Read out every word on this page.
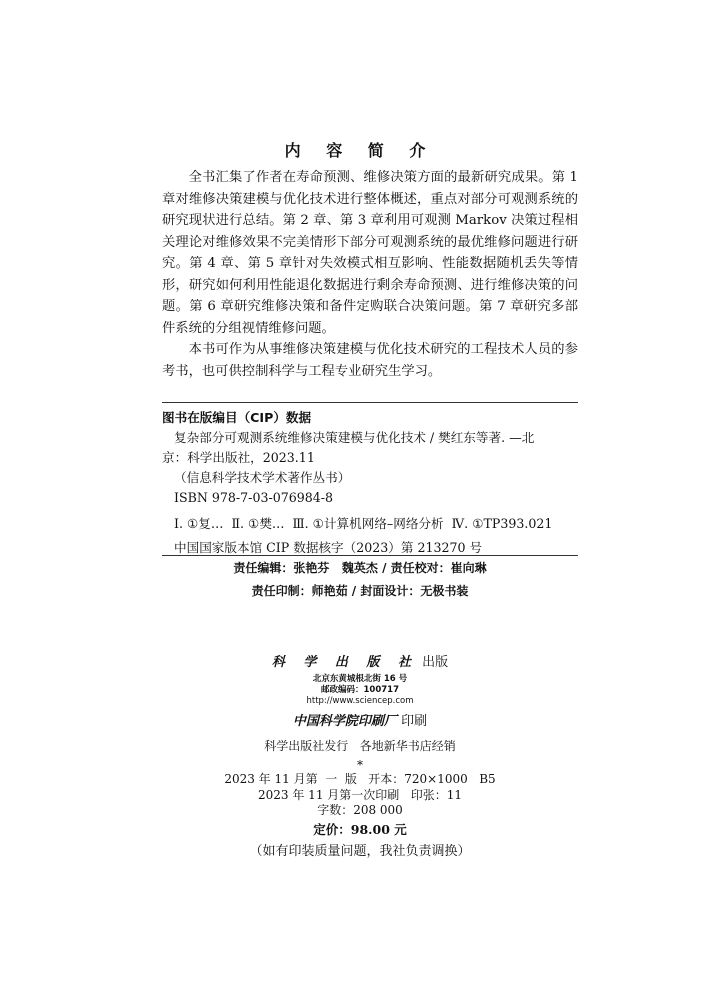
内 容 简 介

全书汇集了作者在寿命预测、维修决策方面的最新研究成果。第 1 章对维修决策建模与优化技术进行整体概述，重点对部分可观测系统的研究现状进行总结。第 2 章、第 3 章利用可观测 Markov 决策过程相关理论对维修效果不完美情形下部分可观测系统的最优维修问题进行研究。第 4 章、第 5 章针对失效模式相互影响、性能数据随机丢失等情形，研究如何利用性能退化数据进行剩余寿命预测、进行维修决策的问题。第 6 章研究维修决策和备件定购联合决策问题。第 7 章研究多部件系统的分组视情维修问题。

本书可作为从事维修决策建模与优化技术研究的工程技术人员的参考书，也可供控制科学与工程专业研究生学习。

图书在版编目（CIP）数据
复杂部分可观测系统维修决策建模与优化技术 / 樊红东等著. —北
京：科学出版社，2023.11
（信息科学技术学术著作丛书）
ISBN 978-7-03-076984-8
Ⅰ. ①复…  Ⅱ. ①樊…  Ⅲ. ①计算机网络–网络分析  Ⅳ. ①TP393.021
中国国家版本馆 CIP 数据核字（2023）第 213270 号
责任编辑：张艳芬   魏英杰 / 责任校对：崔向琳
责任印制：师艳茹 / 封面设计：无极书装
科 学 出 版 社 出版
北京东黄城根北街 16 号
邮政编码：100717
http://www.sciencep.com
中国科学院印刷厂 印刷
科学出版社发行   各地新华书店经销
*
2023 年 11 月第  一  版   开本：720×1000   B5
2023 年 11 月第一次印刷   印张：11
字数：208 000
定价：98.00 元
（如有印装质量问题，我社负责调换）
